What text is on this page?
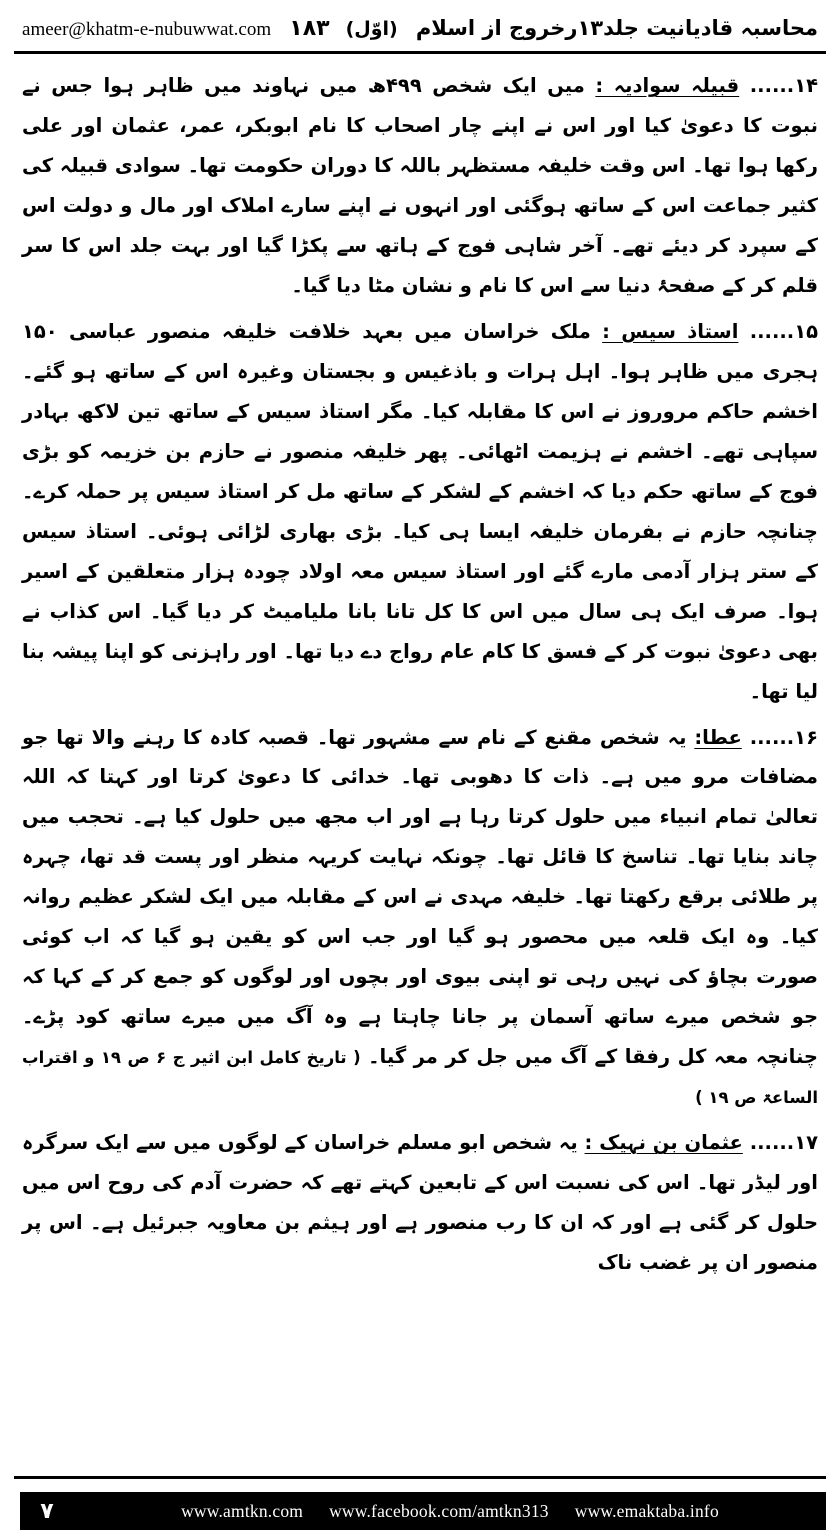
محاسبہ قادیانیت جلد۱۳رخروج از اسلام
(اوّل)
۱۸۳
ameer@khatm-e-nubuwwat.com

۱۴...... قبیلہ سوادیہ : میں ایک شخص ۴۹۹ھ میں نہاوند میں ظاہر ہوا جس نے نبوت کا دعویٰ کیا اور اس نے اپنے چار اصحاب کا نام ابوبکر، عمر، عثمان اور علی رکھا ہوا تھا۔ اس وقت خلیفہ مستظہر باللہ کا دوران حکومت تھا۔ سوادی قبیلہ کی کثیر جماعت اس کے ساتھ ہوگئی اور انہوں نے اپنے سارے املاک اور مال و دولت اس کے سپرد کر دیئے تھے۔ آخر شاہی فوج کے ہاتھ سے پکڑا گیا اور بہت جلد اس کا سر قلم کر کے صفحۂ دنیا سے اس کا نام و نشان مٹا دیا گیا۔

۱۵...... استاذ سیس : ملک خراسان میں بعہد خلافت خلیفہ منصور عباسی ۱۵۰ ہجری میں ظاہر ہوا۔ اہل ہرات و باذغیس و بجستان وغیرہ اس کے ساتھ ہو گئے۔ اخشم حاکم مروروز نے اس کا مقابلہ کیا۔ مگر استاذ سیس کے ساتھ تین لاکھ بہادر سپاہی تھے۔ اخشم نے ہزیمت اٹھائی۔ پھر خلیفہ منصور نے حازم بن خزیمہ کو بڑی فوج کے ساتھ حکم دیا کہ اخشم کے لشکر کے ساتھ مل کر استاذ سیس پر حملہ کرے۔ چنانچہ حازم نے بفرمان خلیفہ ایسا ہی کیا۔ بڑی بھاری لڑائی ہوئی۔ استاذ سیس کے ستر ہزار آدمی مارے گئے اور استاذ سیس معہ اولاد چودہ ہزار متعلقین کے اسیر ہوا۔ صرف ایک ہی سال میں اس کا کل تانا بانا ملیامیٹ کر دیا گیا۔ اس کذاب نے بھی دعویٰ نبوت کر کے فسق کا کام عام رواج دے دیا تھا۔ اور راہزنی کو اپنا پیشہ بنا لیا تھا۔

۱۶...... عطا: یہ شخص مقنع کے نام سے مشہور تھا۔ قصبہ کادہ کا رہنے والا تھا جو مضافات مرو میں ہے۔ ذات کا دھوبی تھا۔ خدائی کا دعویٰ کرتا اور کہتا کہ اللہ تعالیٰ تمام انبیاء میں حلول کرتا رہا ہے اور اب مجھ میں حلول کیا ہے۔ تحجب میں چاند بنایا تھا۔ تناسخ کا قائل تھا۔ چونکہ نہایت کریہہ منظر اور پست قد تھا، چہرہ پر طلائی برقع رکھتا تھا۔ خلیفہ مہدی نے اس کے مقابلہ میں ایک لشکر عظیم روانہ کیا۔ وہ ایک قلعہ میں محصور ہو گیا اور جب اس کو یقین ہو گیا کہ اب کوئی صورت بچاؤ کی نہیں رہی تو اپنی بیوی اور بچوں اور لوگوں کو جمع کر کے کہا کہ جو شخص میرے ساتھ آسمان پر جانا چاہتا ہے وہ آگ میں میرے ساتھ کود پڑے۔ چنانچہ معہ کل رفقا کے آگ میں جل کر مر گیا۔ ( تاریخ کامل ابن اثیر ج ۶ ص ۱۹ و اقتراب الساعۃ ص ۱۹ )

۱۷...... عثمان بن نہیک : یہ شخص ابو مسلم خراسان کے لوگوں میں سے ایک سرگرہ اور لیڈر تھا۔ اس کی نسبت اس کے تابعین کہتے تھے کہ حضرت آدم کی روح اس میں حلول کر گئی ہے اور کہ ان کا رب منصور ہے اور ہیثم بن معاویہ جبرئیل ہے۔ اس پر منصور ان پر غضب ناک

۷	www.amtkn.com www.facebook.com/amtkn313 www.emaktaba.info
